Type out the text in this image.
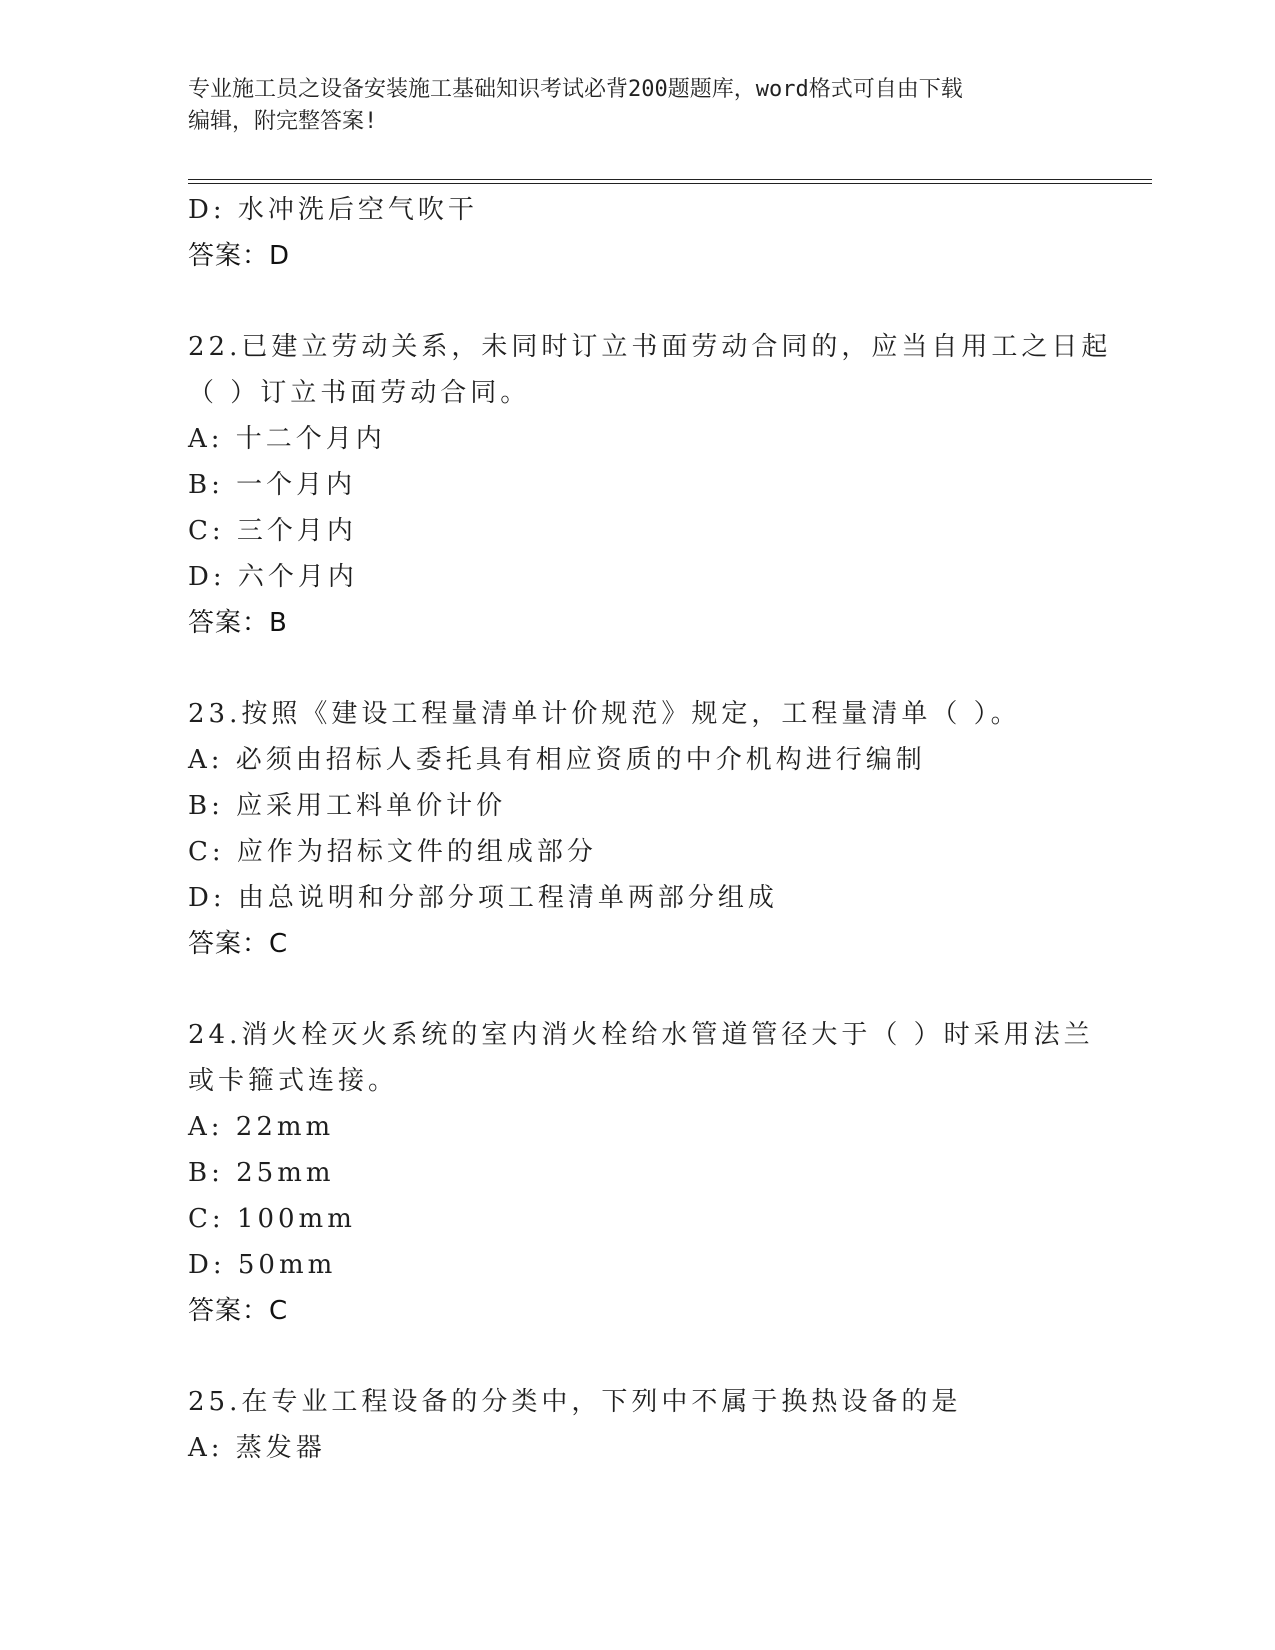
专业施工员之设备安装施工基础知识考试必背200题题库，word格式可自由下载
编辑，附完整答案!
D: 水冲洗后空气吹干
答案：D
22.已建立劳动关系，未同时订立书面劳动合同的，应当自用工之日起
（ ）订立书面劳动合同。
A: 十二个月内
B: 一个月内
C: 三个月内
D: 六个月内
答案：B
23.按照《建设工程量清单计价规范》规定，工程量清单（ ）。
A: 必须由招标人委托具有相应资质的中介机构进行编制
B: 应采用工料单价计价
C: 应作为招标文件的组成部分
D: 由总说明和分部分项工程清单两部分组成
答案：C
24.消火栓灭火系统的室内消火栓给水管道管径大于（ ）时采用法兰
或卡箍式连接。
A: 22mm
B: 25mm
C: 100mm
D: 50mm
答案：C
25.在专业工程设备的分类中，下列中不属于换热设备的是
A: 蒸发器
